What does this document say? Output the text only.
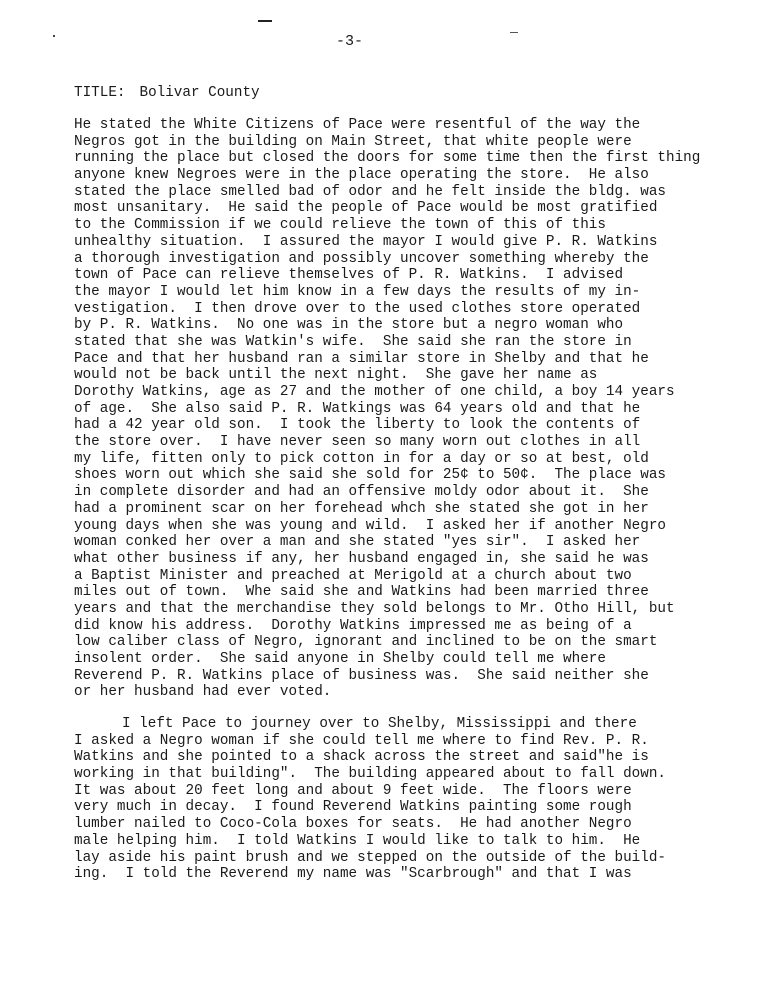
-3-
TITLE: Bolivar County
He stated the White Citizens of Pace were resentful of the way the
Negros got in the building on Main Street, that white people were
running the place but closed the doors for some time then the first thing
anyone knew Negroes were in the place operating the store.  He also
stated the place smelled bad of odor and he felt inside the bldg. was
most unsanitary.  He said the people of Pace would be most gratified
to the Commission if we could relieve the town of this of this
unhealthy situation.  I assured the mayor I would give P. R. Watkins
a thorough investigation and possibly uncover something whereby the
town of Pace can relieve themselves of P. R. Watkins.  I advised
the mayor I would let him know in a few days the results of my in-
vestigation.  I then drove over to the used clothes store operated
by P. R. Watkins.  No one was in the store but a negro woman who
stated that she was Watkin's wife.  She said she ran the store in
Pace and that her husband ran a similar store in Shelby and that he
would not be back until the next night.  She gave her name as
Dorothy Watkins, age as 27 and the mother of one child, a boy 14 years
of age.  She also said P. R. Watkings was 64 years old and that he
had a 42 year old son.  I took the liberty to look the contents of
the store over.  I have never seen so many worn out clothes in all
my life, fitten only to pick cotton in for a day or so at best, old
shoes worn out which she said she sold for 25¢ to 50¢.  The place was
in complete disorder and had an offensive moldy odor about it.  She
had a prominent scar on her forehead whch she stated she got in her
young days when she was young and wild.  I asked her if another Negro
woman conked her over a man and she stated "yes sir".  I asked her
what other business if any, her husband engaged in, she said he was
a Baptist Minister and preached at Merigold at a church about two
miles out of town.  Whe said she and Watkins had been married three
years and that the merchandise they sold belongs to Mr. Otho Hill, but
did know his address.  Dorothy Watkins impressed me as being of a
low caliber class of Negro, ignorant and inclined to be on the smart
insolent order.  She said anyone in Shelby could tell me where
Reverend P. R. Watkins place of business was.  She said neither she
or her husband had ever voted.
I left Pace to journey over to Shelby, Mississippi and there
I asked a Negro woman if she could tell me where to find Rev. P. R.
Watkins and she pointed to a shack across the street and said"he is
working in that building".  The building appeared about to fall down.
It was about 20 feet long and about 9 feet wide.  The floors were
very much in decay.  I found Reverend Watkins painting some rough
lumber nailed to Coco-Cola boxes for seats.  He had another Negro
male helping him.  I told Watkins I would like to talk to him.  He
lay aside his paint brush and we stepped on the outside of the build-
ing.  I told the Reverend my name was "Scarbrough" and that I was
